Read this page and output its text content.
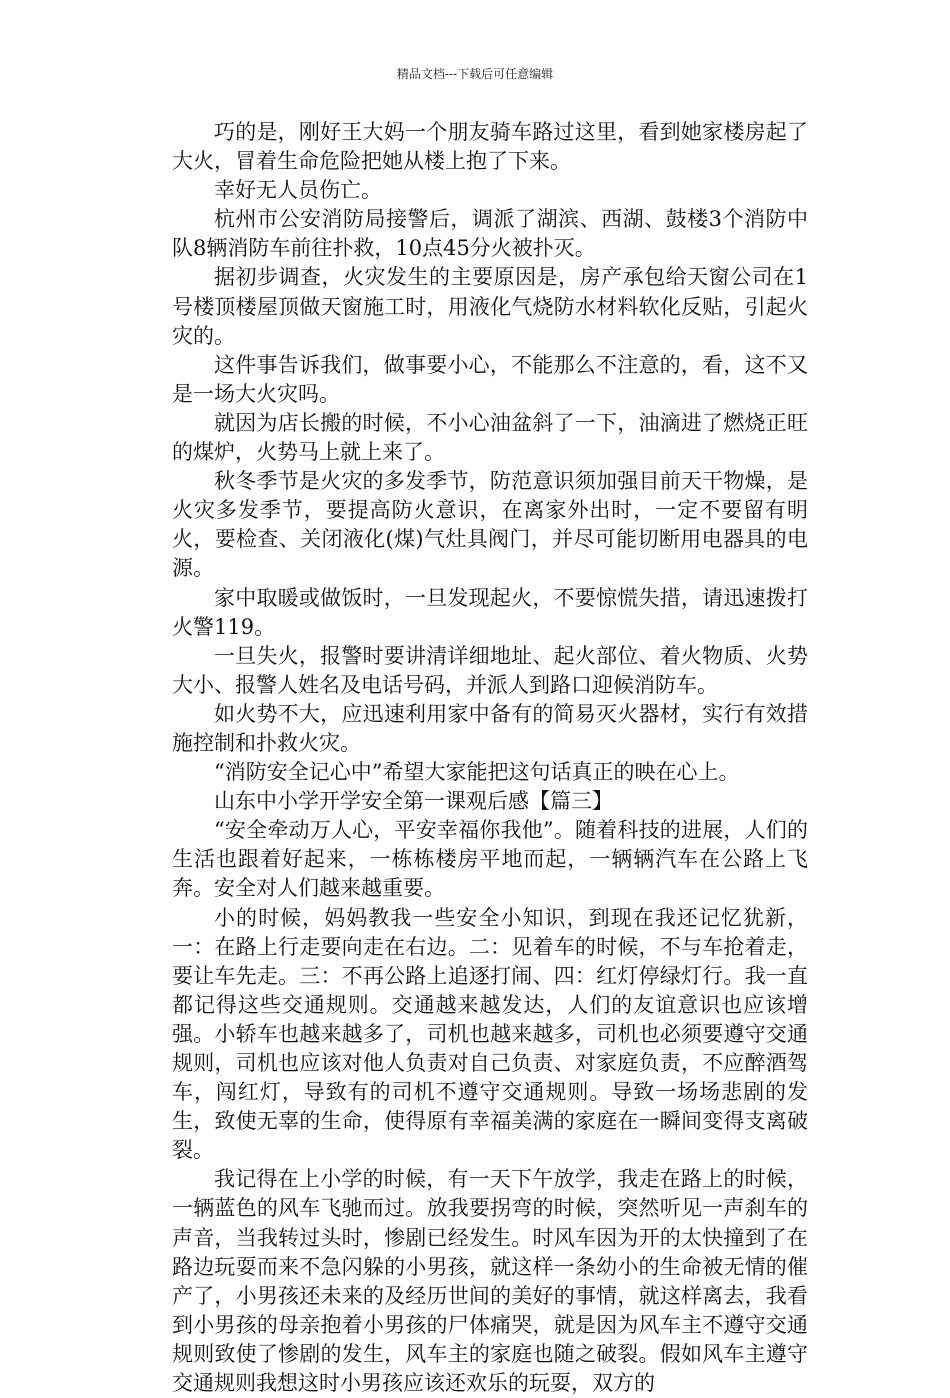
精品文档---下载后可任意编辑

巧的是，刚好王大妈一个朋友骑车路过这里，看到她家楼房起了大火，冒着生命危险把她从楼上抱了下来。

幸好无人员伤亡。

杭州市公安消防局接警后，调派了湖滨、西湖、鼓楼3个消防中队8辆消防车前往扑救，10点45分火被扑灭。

据初步调查，火灾发生的主要原因是，房产承包给天窗公司在1号楼顶楼屋顶做天窗施工时，用液化气烧防水材料软化反贴，引起火灾的。

这件事告诉我们，做事要小心，不能那么不注意的，看，这不又是一场大火灾吗。

就因为店长搬的时候，不小心油盆斜了一下，油滴进了燃烧正旺的煤炉，火势马上就上来了。

秋冬季节是火灾的多发季节，防范意识须加强目前天干物燥，是火灾多发季节，要提高防火意识，在离家外出时，一定不要留有明火，要检查、关闭液化(煤)气灶具阀门，并尽可能切断用电器具的电源。

家中取暖或做饭时，一旦发现起火，不要惊慌失措，请迅速拨打火警119。

一旦失火，报警时要讲清详细地址、起火部位、着火物质、火势大小、报警人姓名及电话号码，并派人到路口迎候消防车。

如火势不大，应迅速利用家中备有的简易灭火器材，实行有效措施控制和扑救火灾。

“消防安全记心中”希望大家能把这句话真正的映在心上。

山东中小学开学安全第一课观后感【篇三】

“安全牵动万人心，平安幸福你我他”。随着科技的进展，人们的生活也跟着好起来，一栋栋楼房平地而起，一辆辆汽车在公路上飞奔。安全对人们越来越重要。

小的时候，妈妈教我一些安全小知识，到现在我还记忆犹新，一：在路上行走要向走在右边。二：见着车的时候，不与车抢着走，要让车先走。三：不再公路上追逐打闹、四：红灯停绿灯行。我一直都记得这些交通规则。交通越来越发达，人们的友谊意识也应该增强。小轿车也越来越多了，司机也越来越多，司机也必须要遵守交通规则，司机也应该对他人负责对自己负责、对家庭负责，不应醉酒驾车，闯红灯，导致有的司机不遵守交通规则。导致一场场悲剧的发生，致使无辜的生命，使得原有幸福美满的家庭在一瞬间变得支离破裂。

我记得在上小学的时候，有一天下午放学，我走在路上的时候，一辆蓝色的风车飞驰而过。放我要拐弯的时候，突然听见一声刹车的声音，当我转过头时，惨剧已经发生。时风车因为开的太快撞到了在路边玩耍而来不急闪躲的小男孩，就这样一条幼小的生命被无情的催产了，小男孩还未来的及经历世间的美好的事情，就这样离去，我看到小男孩的母亲抱着小男孩的尸体痛哭，就是因为风车主不遵守交通规则致使了惨剧的发生，风车主的家庭也随之破裂。假如风车主遵守交通规则我想这时小男孩应该还欢乐的玩耍，双方的
